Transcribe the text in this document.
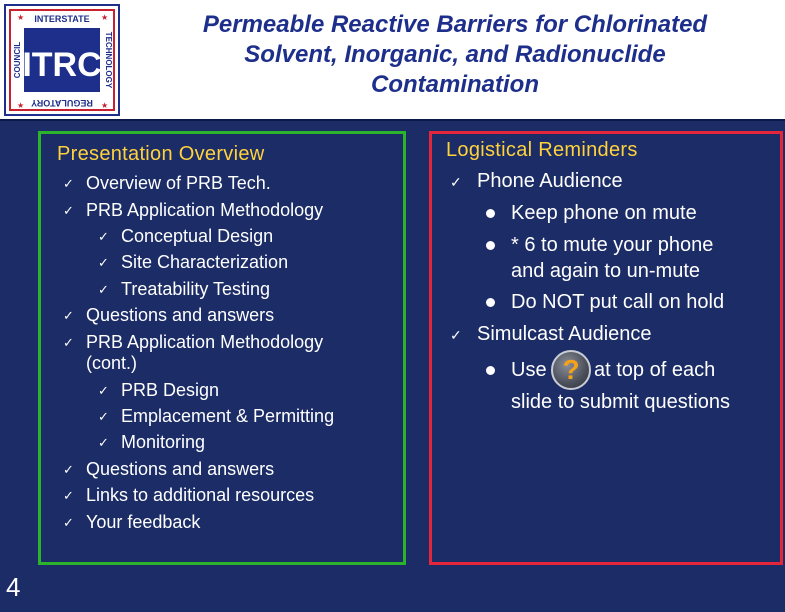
INTERSTATE
REGULATORY
TECHNOLOGY
COUNCIL ITRC
★	★
★	★
Permeable Reactive Barriers for Chlorinated
Solvent, Inorganic, and Radionuclide
Contamination
Presentation Overview
✓ Overview of PRB Tech.
✓ PRB Application Methodology
✓ Conceptual Design
✓ Site Characterization
✓ Treatability Testing
✓ Questions and answers
✓ PRB Application Methodology
(cont.)
✓ PRB Design
✓ Emplacement & Permitting
✓ Monitoring
✓ Questions and answers
✓ Links to additional resources
✓ Your feedback
Logistical Reminders
✓ Phone Audience
Keep phone on mute
* 6 to mute your phone
and again to un-mute
Do NOT put call on hold
✓ Simulcast Audience
Use ? at top of each
slide to submit questions
4
